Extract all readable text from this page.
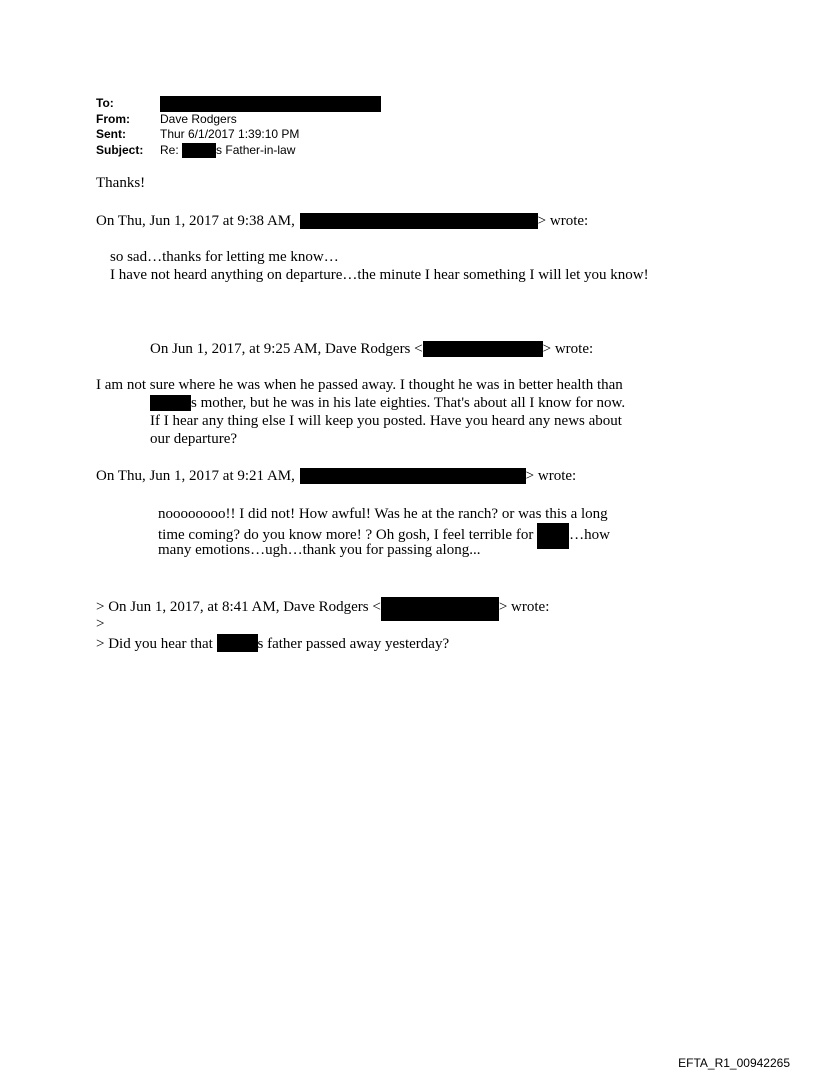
To:
From:	Dave Rodgers
Sent:	Thur 6/1/2017 1:39:10 PM
Subject: Re:	s Father-in-law
Thanks!
On Thu, Jun 1, 2017 at 9:38 AM,	> wrote:
so sad…thanks for letting me know…
I have not heard anything on departure…the minute I hear something I will let you know!
On Jun 1, 2017, at 9:25 AM, Dave Rodgers <	> wrote:
I am not sure where he was when he passed away. I thought he was in better health than
s mother, but he was in his late eighties. That's about all I know for now.
If I hear any thing else I will keep you posted. Have you heard any news about
our departure?
On Thu, Jun 1, 2017 at 9:21 AM,	> wrote:
noooooooo!! I did not! How awful! Was he at the ranch? or was this a long
time coming? do you know more! ? Oh gosh, I feel terrible for …how
many emotions…ugh…thank you for passing along...
> On Jun 1, 2017, at 8:41 AM, Dave Rodgers <	> wrote:
>
> Did you hear that	s father passed away yesterday?
EFTA_R1_00942265
